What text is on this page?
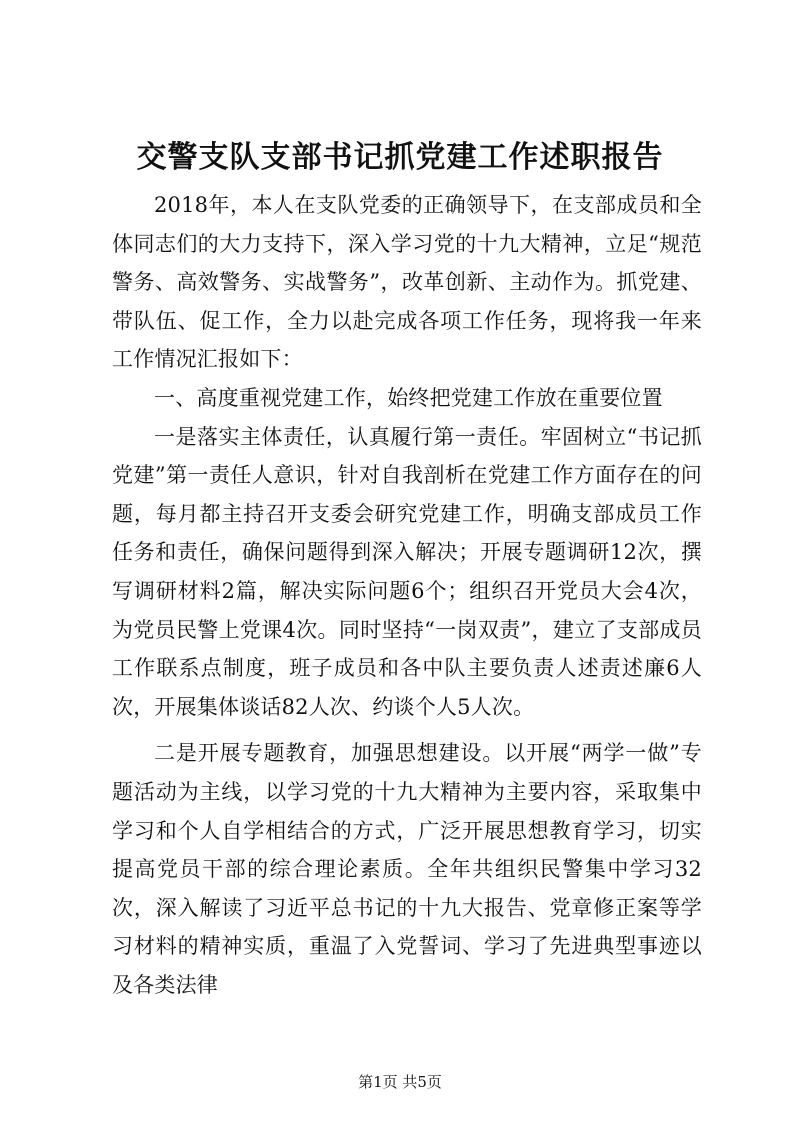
交警支队支部书记抓党建工作述职报告

2018年，本人在支队党委的正确领导下，在支部成员和全体同志们的大力支持下，深入学习党的十九大精神，立足“规范警务、高效警务、实战警务”，改革创新、主动作为。抓党建、带队伍、促工作，全力以赴完成各项工作任务，现将我一年来工作情况汇报如下：

一、高度重视党建工作，始终把党建工作放在重要位置

一是落实主体责任，认真履行第一责任。牢固树立“书记抓党建”第一责任人意识，针对自我剖析在党建工作方面存在的问题，每月都主持召开支委会研究党建工作，明确支部成员工作任务和责任，确保问题得到深入解决；开展专题调研12次，撰写调研材料2篇，解决实际问题6个；组织召开党员大会4次，为党员民警上党课4次。同时坚持“一岗双责”，建立了支部成员工作联系点制度，班子成员和各中队主要负责人述责述廉6人次，开展集体谈话82人次、约谈个人5人次。

二是开展专题教育，加强思想建设。以开展“两学一做”专题活动为主线，以学习党的十九大精神为主要内容，采取集中学习和个人自学相结合的方式，广泛开展思想教育学习，切实提高党员干部的综合理论素质。全年共组织民警集中学习32次，深入解读了习近平总书记的十九大报告、党章修正案等学习材料的精神实质，重温了入党誓词、学习了先进典型事迹以及各类法律

第1页 共5页
